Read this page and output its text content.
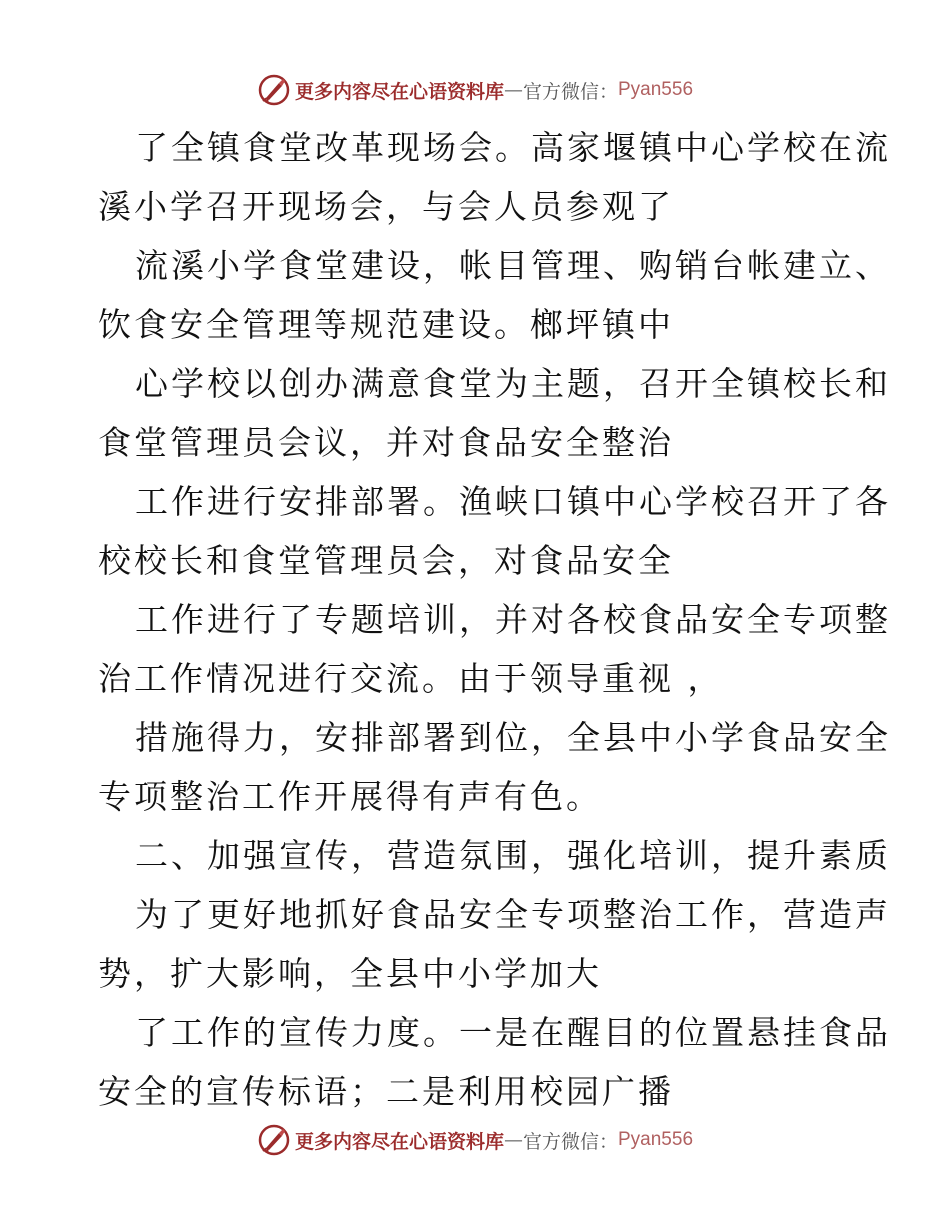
更多内容尽在心语资料库 — 官方微信： Pyan556
了全镇食堂改革现场会。高家堰镇中心学校在流
溪小学召开现场会，与会人员参观了
流溪小学食堂建设，帐目管理、购销台帐建立、
饮食安全管理等规范建设。榔坪镇中
心学校以创办满意食堂为主题，召开全镇校长和
食堂管理员会议，并对食品安全整治
工作进行安排部署。渔峡口镇中心学校召开了各
校校长和食堂管理员会，对食品安全
工作进行了专题培训，并对各校食品安全专项整
治工作情况进行交流。由于领导重视 ，
措施得力，安排部署到位，全县中小学食品安全
专项整治工作开展得有声有色。
二、加强宣传，营造氛围，强化培训，提升素质
为了更好地抓好食品安全专项整治工作，营造声
势，扩大影响，全县中小学加大
了工作的宣传力度。一是在醒目的位置悬挂食品
安全的宣传标语；二是利用校园广播
更多内容尽在心语资料库 — 官方微信： Pyan556
